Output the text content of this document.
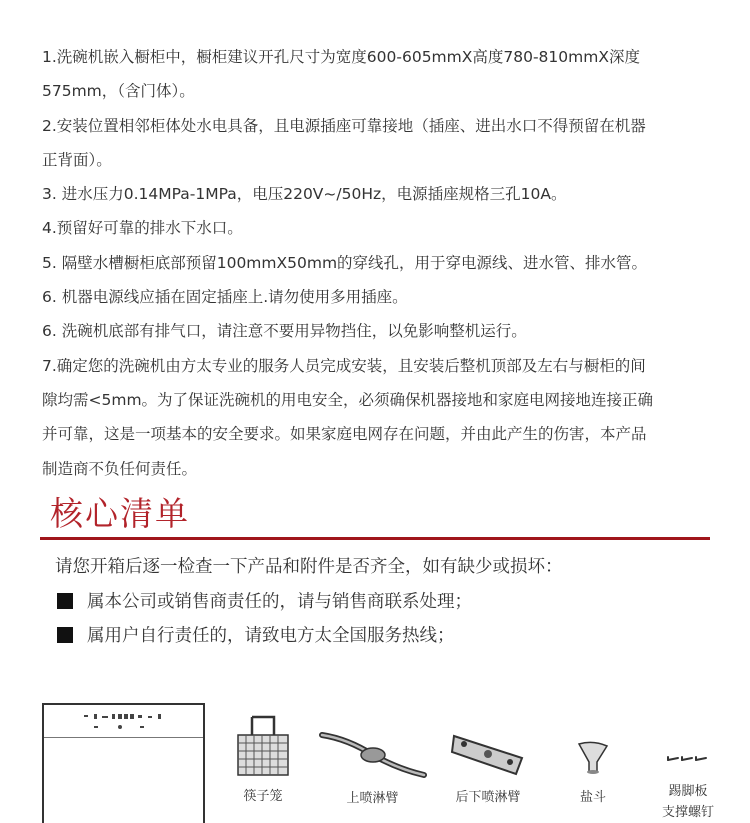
1.洗碗机嵌入橱柜中，橱柜建议开孔尺寸为宽度600-605mmX高度780-810mmX深度
575mm，（含门体）。
2.安装位置相邻柜体处水电具备，且电源插座可靠接地（插座、进出水口不得预留在机器
正背面）。
3. 进水压力0.14MPa-1MPa，电压220V~/50Hz，电源插座规格三孔10A。
4.预留好可靠的排水下水口。
5. 隔壁水槽橱柜底部预留100mmX50mm的穿线孔，用于穿电源线、进水管、排水管。
6. 机器电源线应插在固定插座上.请勿使用多用插座。
6. 洗碗机底部有排气口，请注意不要用异物挡住，以免影响整机运行。
7.确定您的洗碗机由方太专业的服务人员完成安装，且安装后整机顶部及左右与橱柜的间
隙均需<5mm。为了保证洗碗机的用电安全，必须确保机器接地和家庭电网接地连接正确
并可靠，这是一项基本的安全要求。如果家庭电网存在问题，并由此产生的伤害，本产品
制造商不负任何责任。
核心清单
请您开箱后逐一检查一下产品和附件是否齐全，如有缺少或损坏：
属本公司或销售商责任的，请与销售商联系处理；
属用户自行责任的，请致电方太全国服务热线；
筷子笼	上喷淋臂	后下喷淋臂	盐斗	踢脚板
支撑螺钉
